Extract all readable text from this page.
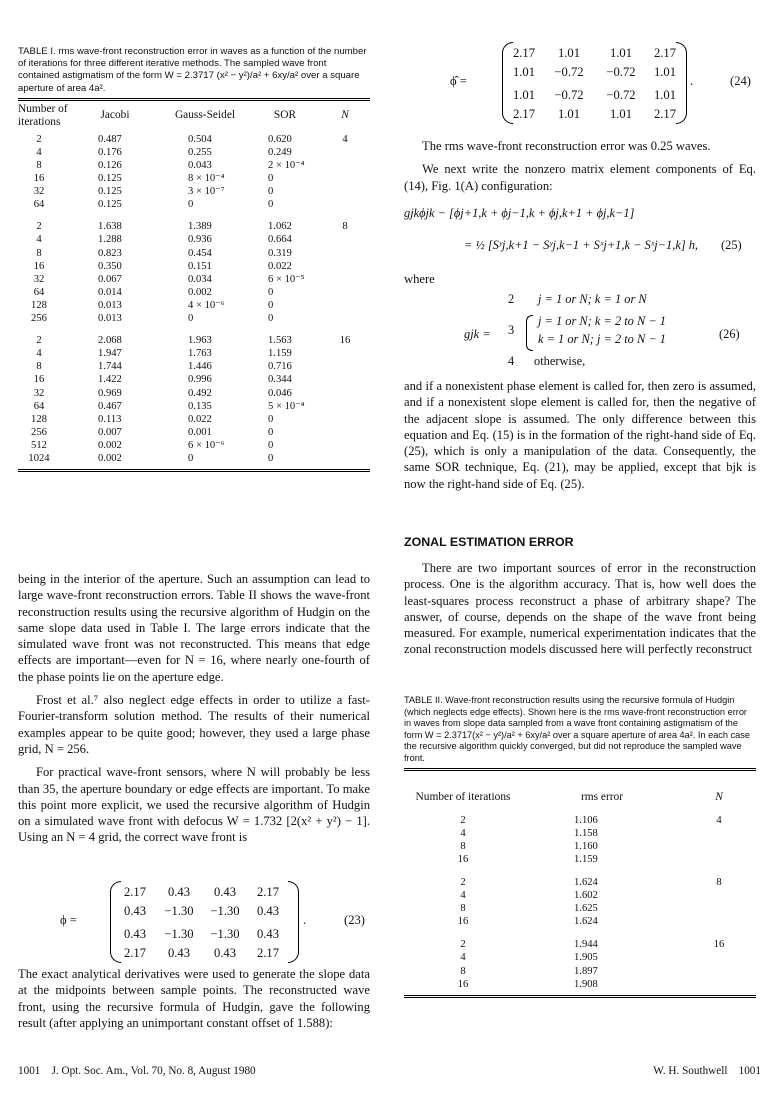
TABLE I. rms wave-front reconstruction error in waves as a function of the number of iterations for three different iterative methods. The sampled wave front contained astigmatism of the form W = 2.3717 (x² − y²)/a² + 6xy/a² over a square aperture of area 4a².
Number of iterations	Jacobi	Gauss-Seidel	SOR	N
2	0.487	0.504	0.620	4
4	0.176	0.255	0.249	
8	0.126	0.043	2 × 10⁻⁴	
16	0.125	8 × 10⁻⁴	0	
32	0.125	3 × 10⁻⁷	0	
64	0.125	0	0	

2	1.638	1.389	1.062	8
4	1.288	0.936	0.664	
8	0.823	0.454	0.319	
16	0.350	0.151	0.022	
32	0.067	0.034	6 × 10⁻⁵	
64	0.014	0.002	0	
128	0.013	4 × 10⁻⁶	0	
256	0.013	0	0	

2	2.068	1.963	1.563	16
4	1.947	1.763	1.159	
8	1.744	1.446	0.716	
16	1.422	0.996	0.344	
32	0.969	0.492	0.046	
64	0.467	0.135	5 × 10⁻⁴	
128	0.113	0.022	0	
256	0.007	0.001	0	
512	0.002	6 × 10⁻⁶	0	
1024	0.002	0	0	

being in the interior of the aperture. Such an assumption can lead to large wave-front reconstruction errors. Table II shows the wave-front reconstruction results using the recursive algorithm of Hudgin on the same slope data used in Table I. The large errors indicate that the simulated wave front was not reconstructed. This means that edge effects are important—even for N = 16, where nearly one-fourth of the phase points lie on the aperture edge.

Frost et al.⁷ also neglect edge effects in order to utilize a fast-Fourier-transform solution method. The results of their numerical examples appear to be quite good; however, they used a large phase grid, N = 256.

For practical wave-front sensors, where N will probably be less than 35, the aperture boundary or edge effects are important. To make this point more explicit, we used the recursive algorithm of Hudgin on a simulated wave front with defocus W = 1.732 [2(x² + y²) − 1]. Using an N = 4 grid, the correct wave front is

ϕ =
2.17	0.43	0.43	2.17
0.43	−1.30	−1.30	0.43
0.43	−1.30	−1.30	0.43
2.17	0.43	0.43	2.17
.	(23)

The exact analytical derivatives were used to generate the slope data at the midpoints between sample points. The reconstructed wave front, using the recursive formula of Hudgin, gave the following result (after applying an unimportant constant offset of 1.588):

ϕ̂ =
2.17	1.01	1.01	2.17
1.01	−0.72	−0.72	1.01
1.01	−0.72	−0.72	1.01
2.17	1.01	1.01	2.17
.	(24)

The rms wave-front reconstruction error was 0.25 waves.

We next write the nonzero matrix element components of Eq. (14), Fig. 1(A) configuration:

gjkϕjk − [ϕj+1,k + ϕj−1,k + ϕj,k+1 + ϕj,k−1]
= ½ [Sʸj,k+1 − Sʸj,k−1 + Sˣj+1,k − Sˣj−1,k] h, (25)
where
gjk =
2 j = 1 or N; k = 1 or N
3
j = 1 or N; k = 2 to N − 1
k = 1 or N; j = 2 to N − 1
4 otherwise,
(26)

and if a nonexistent phase element is called for, then zero is assumed, and if a nonexistent slope element is called for, then the negative of the adjacent slope is assumed. The only difference between this equation and Eq. (15) is in the formation of the right-hand side of Eq. (25), which is only a manipulation of the data. Consequently, the same SOR technique, Eq. (21), may be applied, except that bjk is now the right-hand side of Eq. (25).

ZONAL ESTIMATION ERROR

There are two important sources of error in the reconstruction process. One is the algorithm accuracy. That is, how well does the least-squares process reconstruct a phase of arbitrary shape? The answer, of course, depends on the shape of the wave front being measured. For example, numerical experimentation indicates that the zonal reconstruction models discussed here will perfectly reconstruct

TABLE II. Wave-front reconstruction results using the recursive formula of Hudgin (which neglects edge effects). Shown here is the rms wave-front reconstruction error in waves from slope data sampled from a wave front containing astigmatism of the form W = 2.3717(x² − y²)/a² + 6xy/a² over a square aperture of area 4a². In each case the recursive algorithm quickly converged, but did not reproduce the sampled wave front.
Number of iterations	rms error	N

2	1.106	4
4	1.158	
8	1.160	
16	1.159	

2	1.624	8
4	1.602	
8	1.625	
16	1.624	

2	1.944	16
4	1.905	
8	1.897	
16	1.908	
1001    J. Opt. Soc. Am., Vol. 70, No. 8, August 1980	W. H. Southwell    1001
